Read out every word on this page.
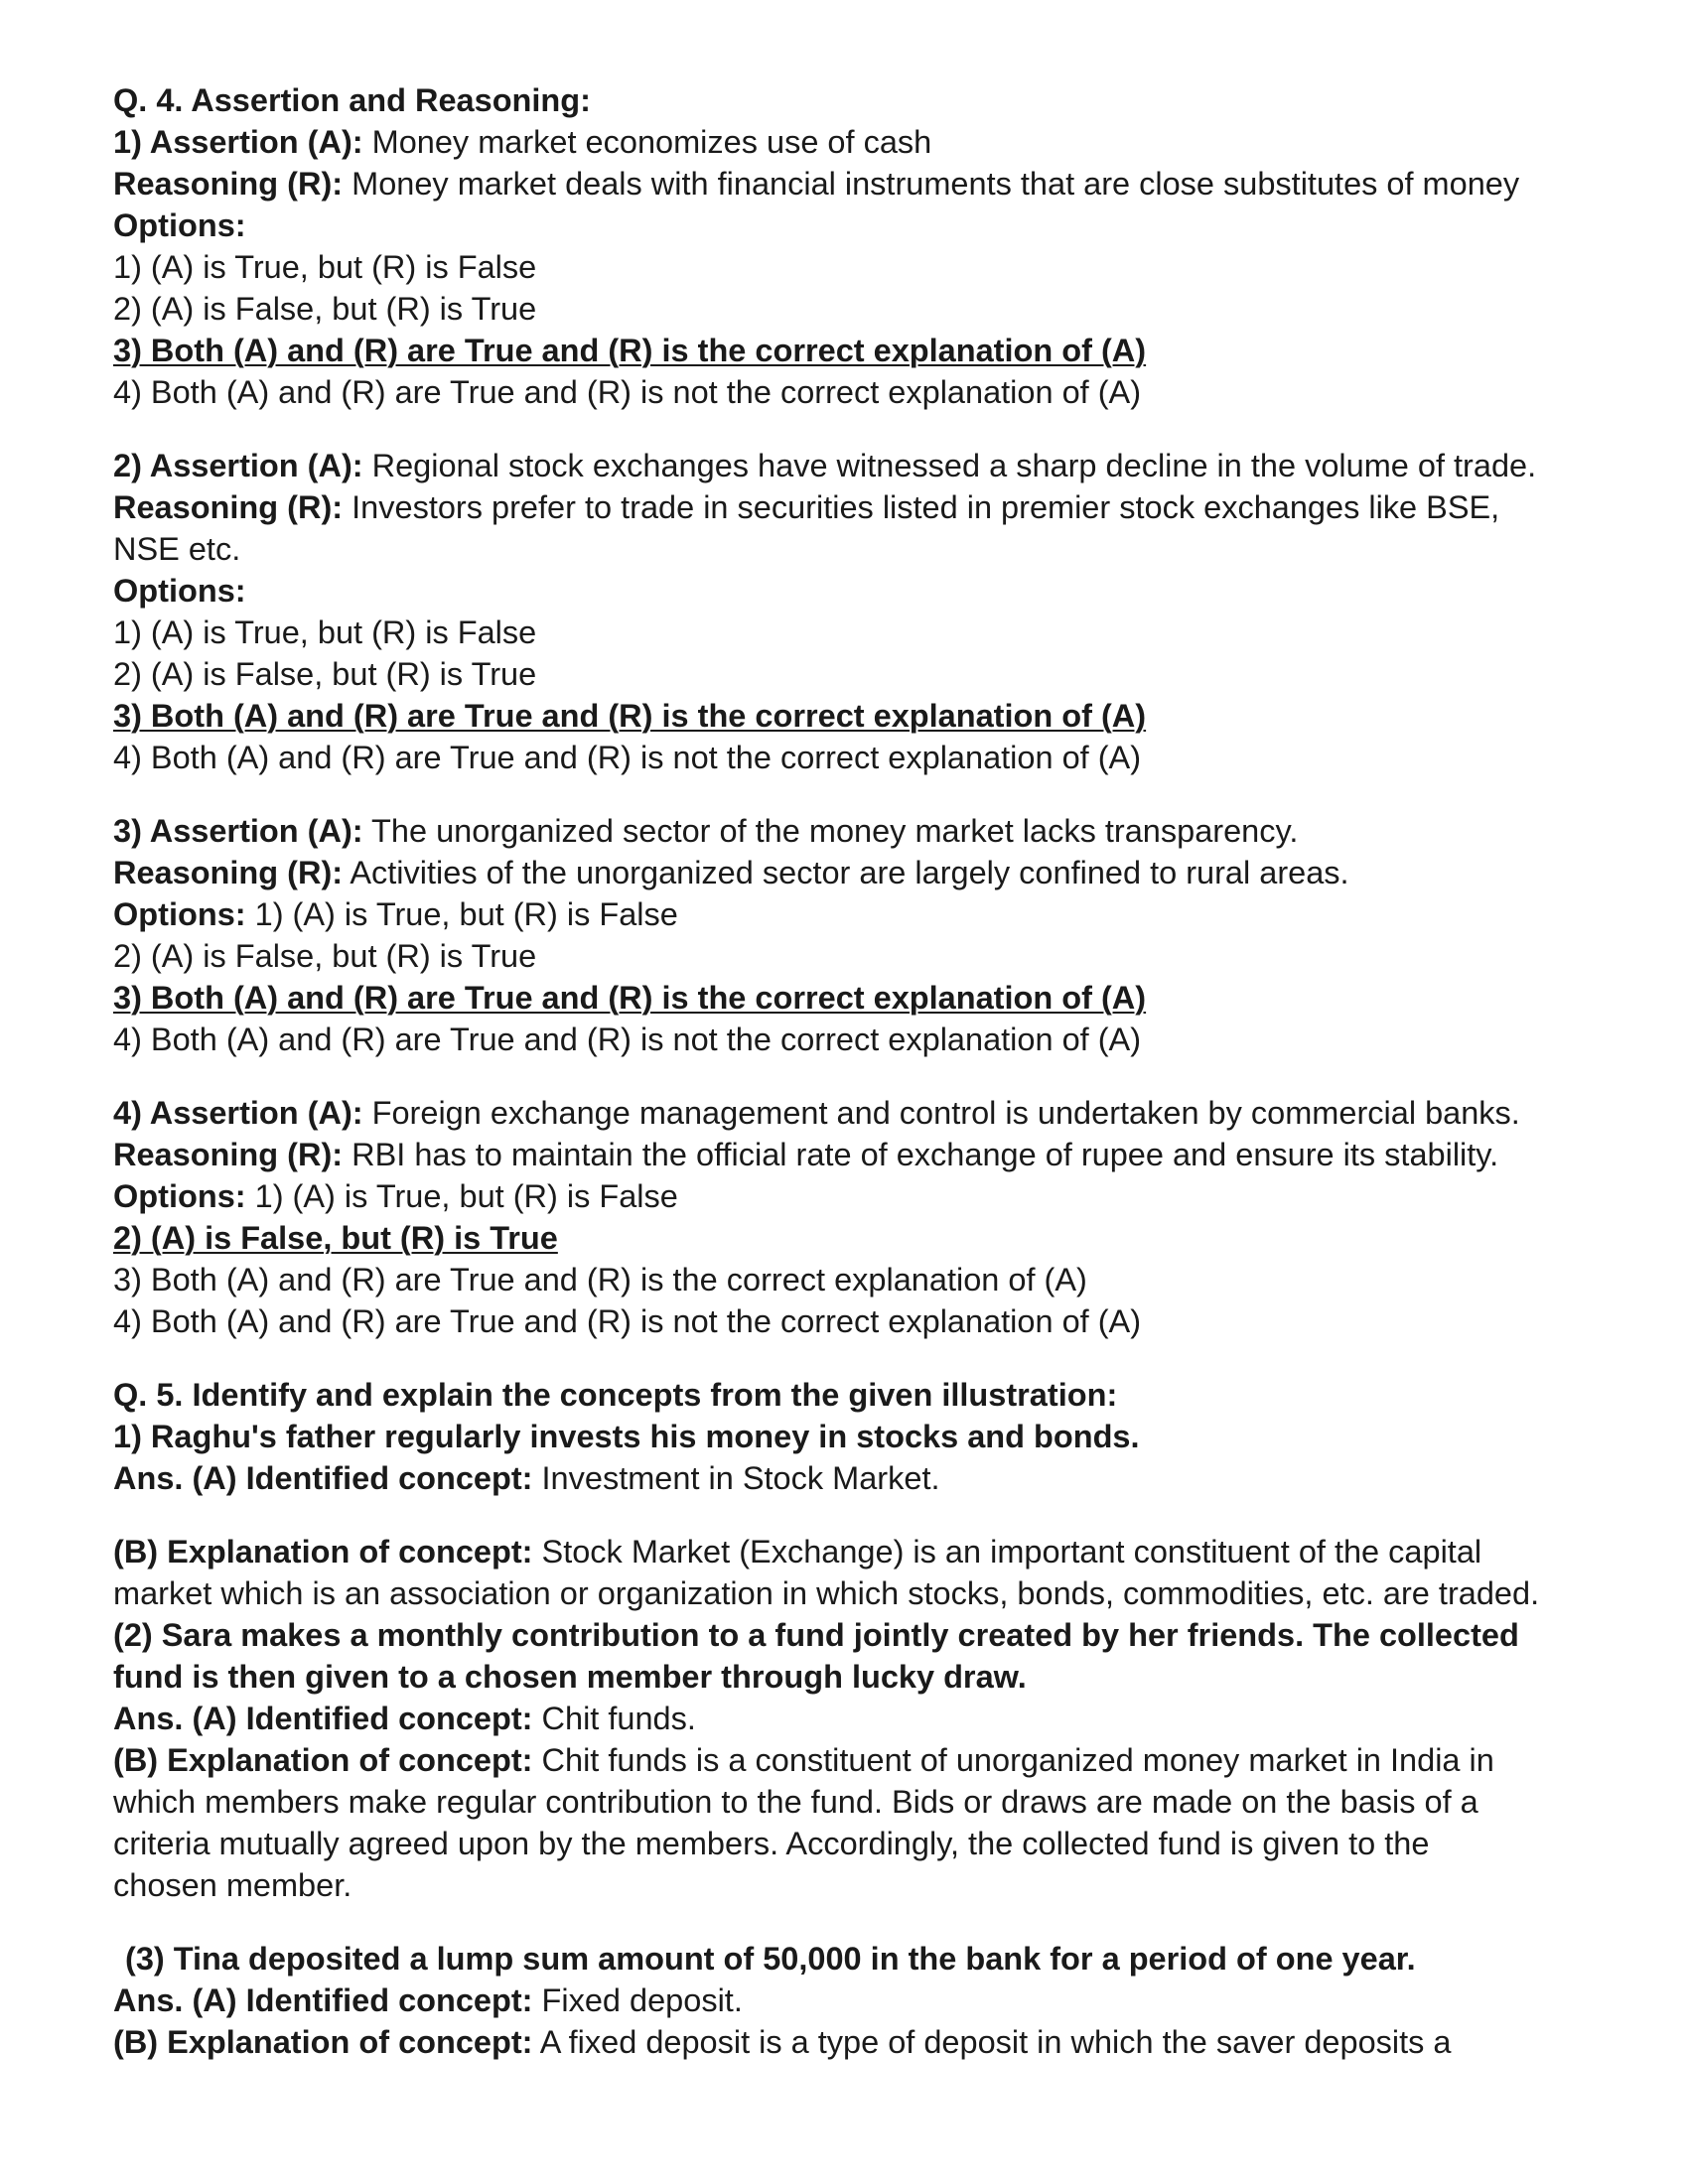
Q. 4. Assertion and Reasoning:
1) Assertion (A): Money market economizes use of cash
Reasoning (R): Money market deals with financial instruments that are close substitutes of money
Options:
1) (A) is True, but (R) is False
2) (A) is False, but (R) is True
3) Both (A) and (R) are True and (R) is the correct explanation of (A)
4) Both (A) and (R) are True and (R) is not the correct explanation of (A)
2) Assertion (A): Regional stock exchanges have witnessed a sharp decline in the volume of trade.
Reasoning (R): Investors prefer to trade in securities listed in premier stock exchanges like BSE,
NSE etc.
Options:
1) (A) is True, but (R) is False
2) (A) is False, but (R) is True
3) Both (A) and (R) are True and (R) is the correct explanation of (A)
4) Both (A) and (R) are True and (R) is not the correct explanation of (A)
3) Assertion (A): The unorganized sector of the money market lacks transparency.
Reasoning (R): Activities of the unorganized sector are largely confined to rural areas.
Options: 1) (A) is True, but (R) is False
2) (A) is False, but (R) is True
3) Both (A) and (R) are True and (R) is the correct explanation of (A)
4) Both (A) and (R) are True and (R) is not the correct explanation of (A)
4) Assertion (A): Foreign exchange management and control is undertaken by commercial banks.
Reasoning (R): RBI has to maintain the official rate of exchange of rupee and ensure its stability.
Options: 1) (A) is True, but (R) is False
2) (A) is False, but (R) is True
3) Both (A) and (R) are True and (R) is the correct explanation of (A)
4) Both (A) and (R) are True and (R) is not the correct explanation of (A)
Q. 5. Identify and explain the concepts from the given illustration:
1) Raghu's father regularly invests his money in stocks and bonds.
Ans. (A) Identified concept: Investment in Stock Market.
(B) Explanation of concept: Stock Market (Exchange) is an important constituent of the capital
market which is an association or organization in which stocks, bonds, commodities, etc. are traded.
(2) Sara makes a monthly contribution to a fund jointly created by her friends. The collected
fund is then given to a chosen member through lucky draw.
Ans. (A) Identified concept: Chit funds.
(B) Explanation of concept: Chit funds is a constituent of unorganized money market in India in
which members make regular contribution to the fund. Bids or draws are made on the basis of a
criteria mutually agreed upon by the members. Accordingly, the collected fund is given to the
chosen member.
(3) Tina deposited a lump sum amount of 50,000 in the bank for a period of one year.
Ans. (A) Identified concept: Fixed deposit.
(B) Explanation of concept: A fixed deposit is a type of deposit in which the saver deposits a
